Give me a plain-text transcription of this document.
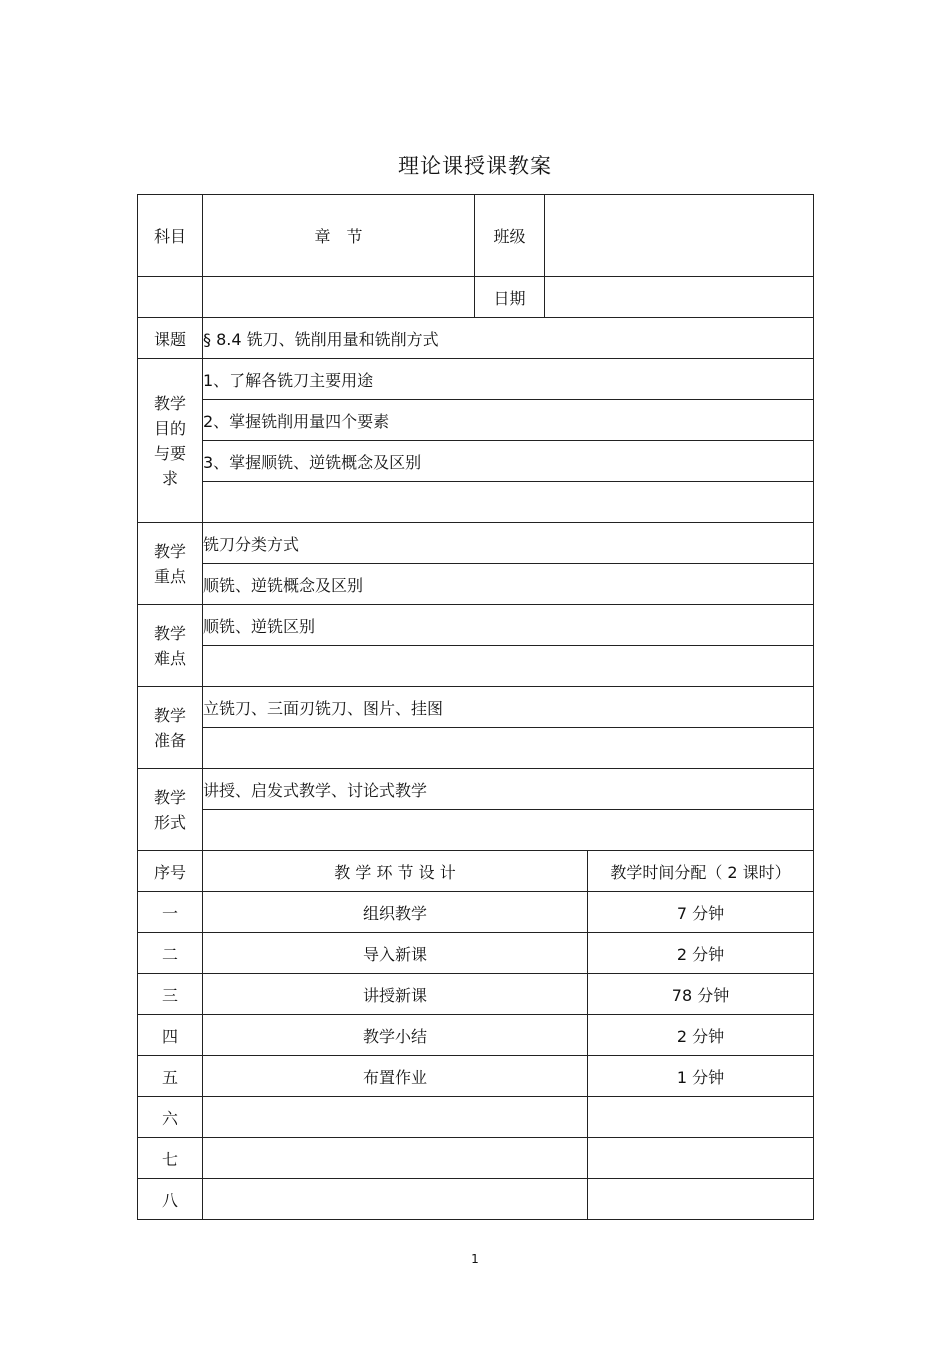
理论课授课教案
科目	章　节	班级		
		日期		
课题	§ 8.4 铣刀、铣削用量和铣削方式			

教学
目的
与要
求	1、了解各铣刀主要用途			
	2、掌握铣削用量四个要素			
	3、掌握顺铣、逆铣概念及区别			

教学
重点	铣刀分类方式			
	顺铣、逆铣概念及区别			

教学
难点	顺铣、逆铣区别			

教学
准备	立铣刀、三面刃铣刀、图片、挂图			

教学
形式	讲授、启发式教学、讨论式教学			

序号	教 学 环 节 设 计			教学时间分配（ 2 课时）
一	组织教学			7 分钟
二	导入新课			2 分钟
三	讲授新课			78 分钟
四	教学小结			2 分钟
五	布置作业			1 分钟
六				
七				
八				
1
